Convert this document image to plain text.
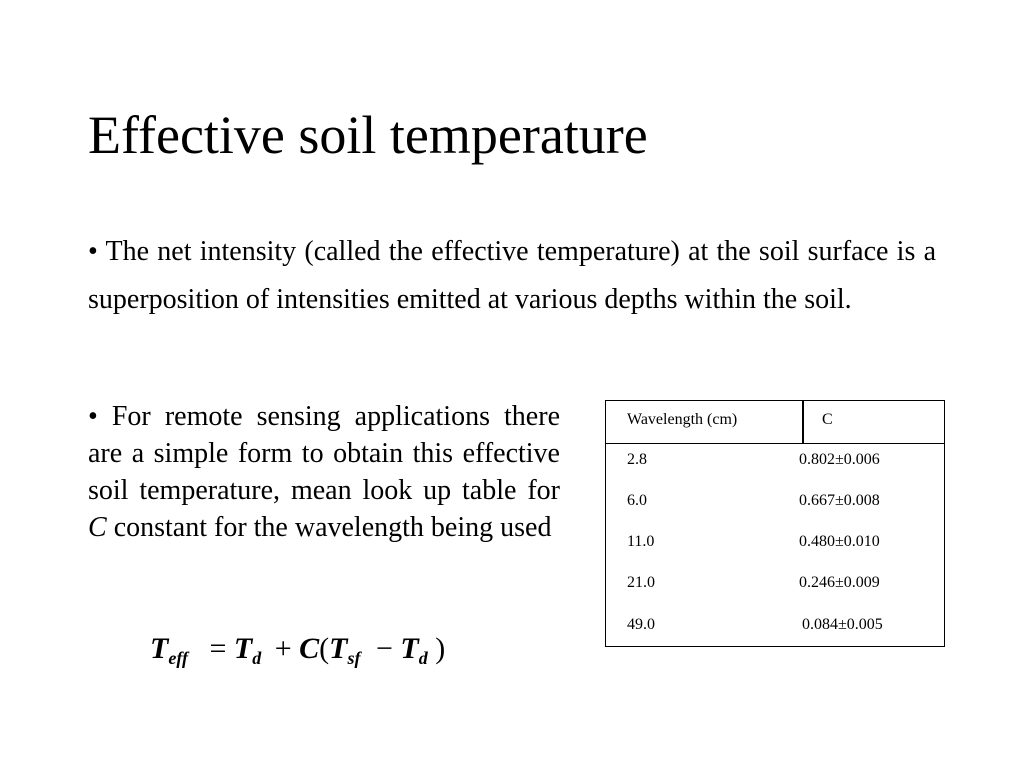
Effective soil temperature
• The net intensity (called the effective temperature) at the soil surface is a superposition of intensities emitted at various depths within the soil.
• For remote sensing applications there are a simple form to obtain this effective soil temperature, mean look up table for C constant for the wavelength being used
Wavelength (cm)	C
2.8	0.802±0.006
6.0	0.667±0.008
11.0	0.480±0.010
21.0	0.246±0.009
49.0	0.084±0.005
$T_{eff} = T_d + C(T_{sf} - T_d$ )
